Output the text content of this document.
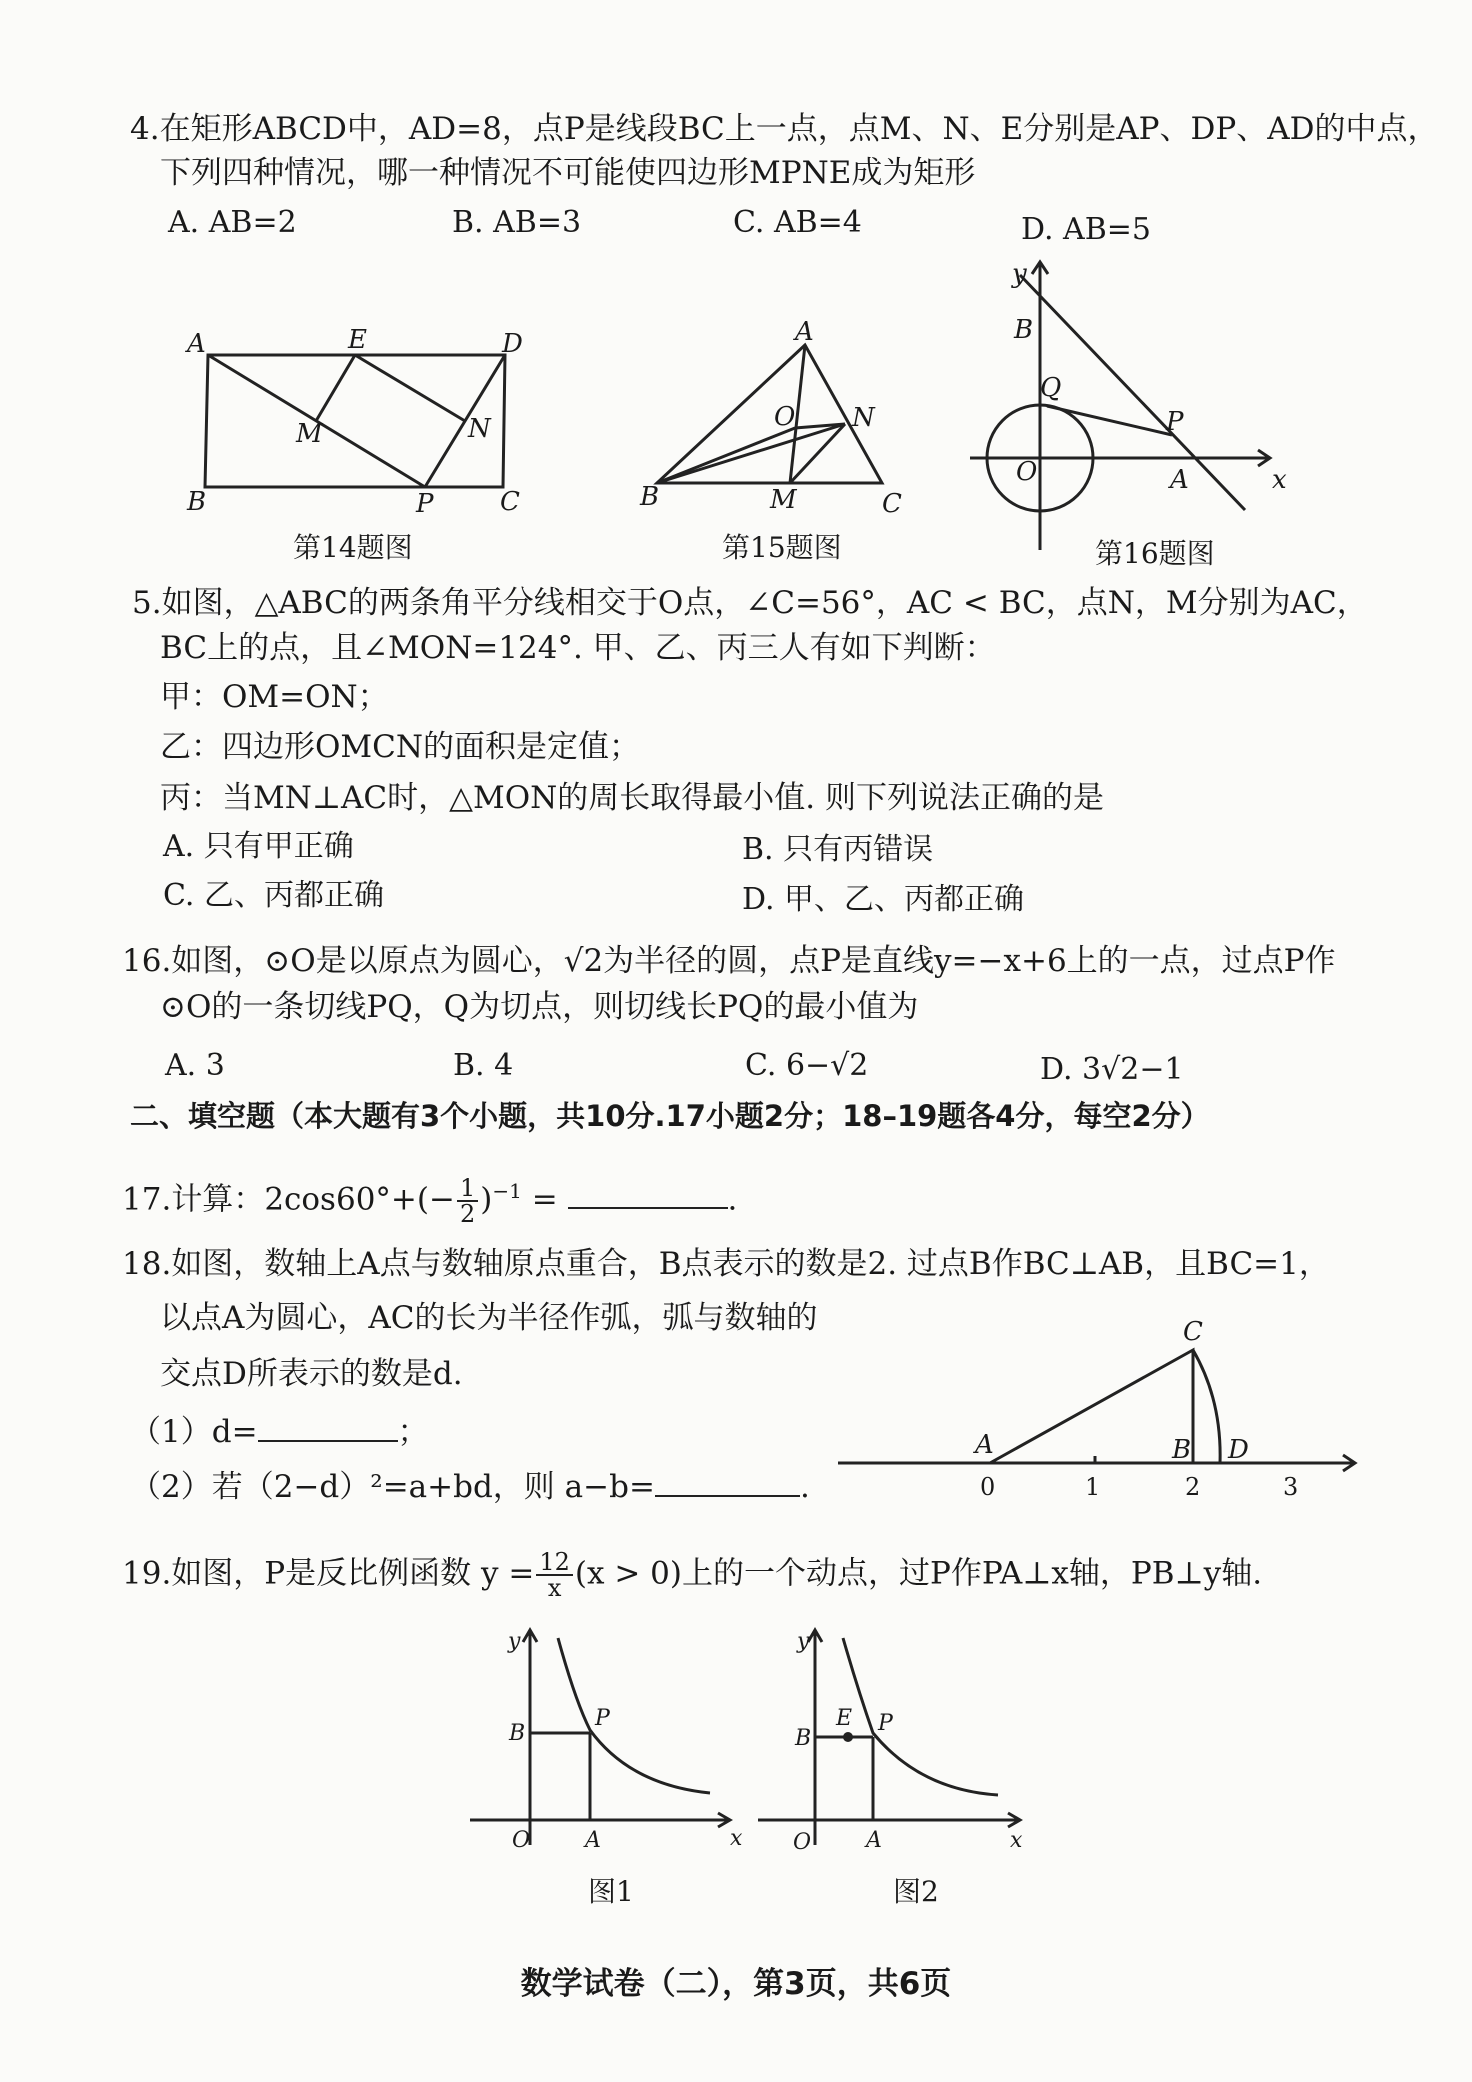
4.在矩形ABCD中，AD=8，点P是线段BC上一点，点M、N、E分别是AP、DP、AD的中点，
下列四种情况，哪一种情况不可能使四边形MPNE成为矩形
A. AB=2	B. AB=3	C. AB=4	D. AB=5
A
B	C
D
E
M	N
P
第14题图
A
B	C
O
M
N
第15题图
y
x
B
Q
P
O	A
第16题图
5.如图，△ABC的两条角平分线相交于O点，∠C=56°，AC < BC，点N，M分别为AC，
BC上的点，且∠MON=124°. 甲、乙、丙三人有如下判断：
甲：OM=ON；
乙：四边形OMCN的面积是定值；
丙：当MN⊥AC时，△MON的周长取得最小值. 则下列说法正确的是
A. 只有甲正确	B. 只有丙错误
C. 乙、丙都正确	D. 甲、乙、丙都正确
16.如图，⊙O是以原点为圆心，√2为半径的圆，点P是直线y=−x+6上的一点，过点P作
⊙O的一条切线PQ，Q为切点，则切线长PQ的最小值为
A. 3	B. 4	C. 6−√2	D. 3√2−1
二、填空题（本大题有3个小题，共10分.17小题2分；18–19题各4分，每空2分）
17.计算：$2\cos 60^\circ+(- \frac{1}{2} )^{-1}$ =	.
18.如图，数轴上A点与数轴原点重合，B点表示的数是2. 过点B作BC⊥AB，且BC=1，
以点A为圆心，AC的长为半径作弧，弧与数轴的
交点D所表示的数是d.
（1）d=	；
（2）若（2−d）²=a+bd，则 a−b=	.
C
A	B D
0	1	2	3
19.如图，P是反比例函数 $y = \frac{12}{x} (x > 0)$上的一个动点，过P作PA⊥x轴，PB⊥y轴.
y
x
O A
B
P
图1
y
x
O A
B
E P
图2
数学试卷（二），第3页，共6页
